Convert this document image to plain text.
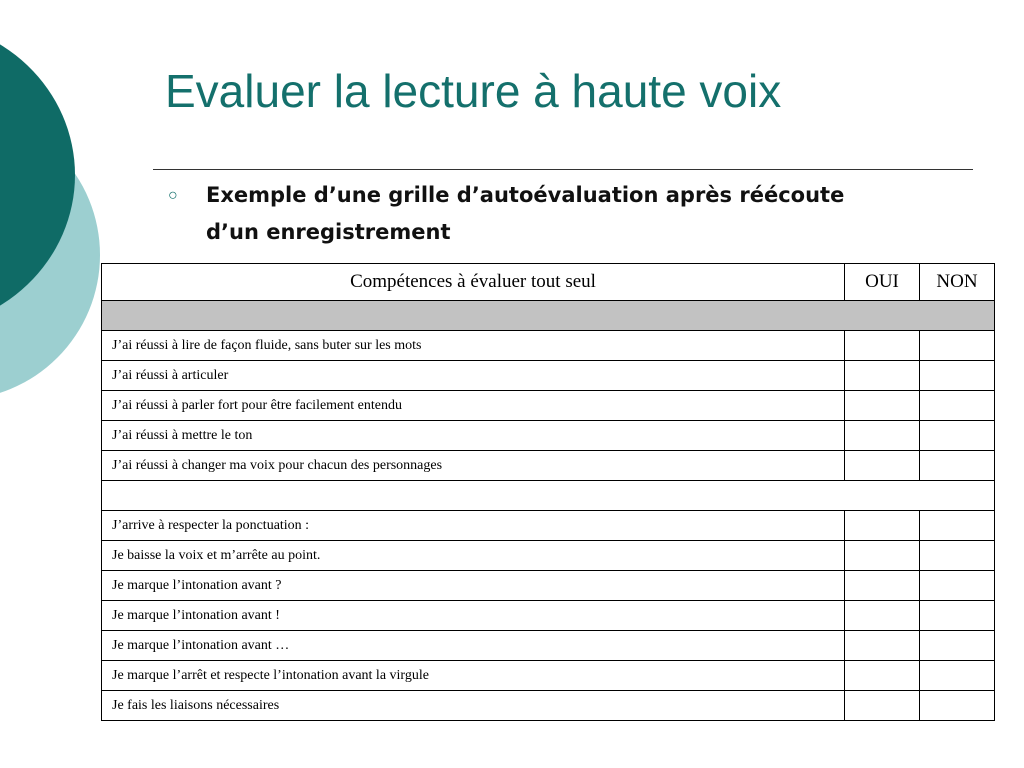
Evaluer la lecture à haute voix
○	Exemple d’une grille d’autoévaluation après réécoute d’un enregistrement
Compétences à évaluer tout seul	OUI	NON

J’ai réussi à lire de façon fluide, sans buter sur les mots		
J’ai réussi à articuler		
J’ai réussi à parler fort pour être facilement entendu		
J’ai réussi à mettre le ton		
J’ai réussi à changer ma voix pour chacun des personnages		

J’arrive à respecter la ponctuation :		
Je baisse la voix et m’arrête au point.		
Je marque l’intonation avant ?		
Je marque l’intonation avant !		
Je marque l’intonation avant …		
Je marque l’arrêt et respecte l’intonation avant la virgule		
Je fais les liaisons nécessaires		
